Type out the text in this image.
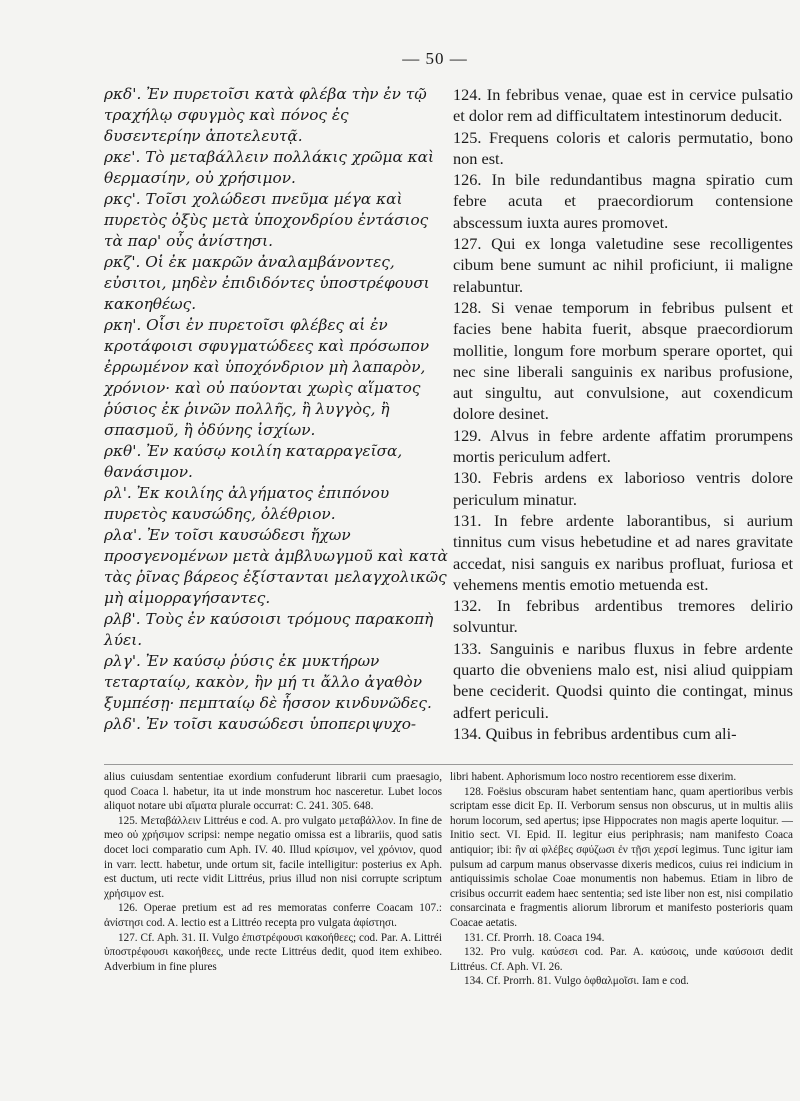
— 50 —
ρκδ'. Ἐν πυρετοῖσι κατὰ φλέβα τὴν ἐν τῷ τραχήλῳ σφυγμὸς καὶ πόνος ἐς δυσεντερίην ἀποτελευτᾷ.
ρκε'. Τὸ μεταβάλλειν πολλάκις χρῶμα καὶ θερμασίην, οὐ χρήσιμον.
ρκς'. Τοῖσι χολώδεσι πνεῦμα μέγα καὶ πυρετὸς ὀξὺς μετὰ ὑποχονδρίου ἐντάσιος τὰ παρ' οὖς ἀνίστησι.
ρκζ'. Οἱ ἐκ μακρῶν ἀναλαμβάνοντες, εὐσιτοι, μηδὲν ἐπιδιδόντες ὑποστρέφουσι κακοηθέως.
ρκη'. Οἷσι ἐν πυρετοῖσι φλέβες αἱ ἐν κροτάφοισι σφυγματώδεες καὶ πρόσωπον ἐρρωμένον καὶ ὑποχόνδριον μὴ λαπαρὸν, χρόνιον· καὶ οὐ παύονται χωρὶς αἵματος ῥύσιος ἐκ ῥινῶν πολλῆς, ἢ λυγγὸς, ἢ σπασμοῦ, ἢ ὀδύνης ἰσχίων.
ρκθ'. Ἐν καύσῳ κοιλίη καταρραγεῖσα, θανάσιμον.
ρλ'. Ἐκ κοιλίης ἀλγήματος ἐπιπόνου πυρετὸς καυσώδης, ὀλέθριον.
ρλα'. Ἐν τοῖσι καυσώδεσι ἤχων προσγενομένων μετὰ ἀμβλυωγμοῦ καὶ κατὰ τὰς ῥῖνας βάρεος ἐξίστανται μελαγχολικῶς μὴ αἱμορραγήσαντες.
ρλβ'. Τοὺς ἐν καύσοισι τρόμους παρακοπὴ λύει.
ρλγ'. Ἐν καύσῳ ῥύσις ἐκ μυκτήρων τεταρταίῳ, κακὸν, ἢν μή τι ἄλλο ἀγαθὸν ξυμπέσῃ· πεμπταίῳ δὲ ἧσσον κινδυνῶδες.
ρλδ'. Ἐν τοῖσι καυσώδεσι ὑποπεριψυχο-
124. In febribus venae, quae est in cervice pulsatio et dolor rem ad difficultatem intestinorum deducit.
125. Frequens coloris et caloris permutatio, bono non est.
126. In bile redundantibus magna spiratio cum febre acuta et praecordiorum contensione abscessum iuxta aures promovet.
127. Qui ex longa valetudine sese recolligentes cibum bene sumunt ac nihil proficiunt, ii maligne relabuntur.
128. Si venae temporum in febribus pulsent et facies bene habita fuerit, absque praecordiorum mollitie, longum fore morbum sperare oportet, qui nec sine liberali sanguinis ex naribus profusione, aut singultu, aut convulsione, aut coxendicum dolore desinet.
129. Alvus in febre ardente affatim prorumpens mortis periculum adfert.
130. Febris ardens ex laborioso ventris dolore periculum minatur.
131. In febre ardente laborantibus, si aurium tinnitus cum visus hebetudine et ad nares gravitate accedat, nisi sanguis ex naribus profluat, furiosa et vehemens mentis emotio metuenda est.
132. In febribus ardentibus tremores delirio solvuntur.
133. Sanguinis e naribus fluxus in febre ardente quarto die obveniens malo est, nisi aliud quippiam bene ceciderit. Quodsi quinto die contingat, minus adfert periculi.
134. Quibus in febribus ardentibus cum ali-
alius cuiusdam sententiae exordium confuderunt librarii cum praesagio, quod Coaca l. habetur, ita ut inde monstrum hoc nasceretur. Lubet locos aliquot notare ubi αἵματα plurale occurrat: C. 241. 305. 648.
125. Μεταβάλλειν Littréus e cod. A. pro vulgato μεταβάλλον. In fine de meo οὐ χρήσιμον scripsi: nempe negatio omissa est a librariis, quod satis docet loci comparatio cum Aph. IV. 40. Illud κρίσιμον, vel χρόνιον, quod in varr. lectt. habetur, unde ortum sit, facile intelligitur: posterius ex Aph. est ductum, uti recte vidit Littréus, prius illud non nisi corrupte scriptum χρήσιμον est.
126. Operae pretium est ad res memoratas conferre Coacam 107.: ἀνίστησι cod. A. lectio est a Littréo recepta pro vulgata ἀφίστησι.
127. Cf. Aph. 31. II. Vulgo ἐπιστρέφουσι κακοήθεες; cod. Par. A. Littréi ὑποστρέφουσι κακοήθεες, unde recte Littréus dedit, quod item exhibeo. Adverbium in fine plures
libri habent. Aphorismum loco nostro recentiorem esse dixerim.
128. Foësius obscuram habet sententiam hanc, quam apertioribus verbis scriptam esse dicit Ep. II. Verborum sensus non obscurus, ut in multis aliis horum locorum, sed apertus; ipse Hippocrates non magis aperte loquitur. — Initio sect. VI. Epid. II. legitur eius periphrasis; nam manifesto Coaca antiquior; ibi: ἢν αἱ φλέβες σφύζωσι ἐν τῇσι χερσί legimus. Tunc igitur iam pulsum ad carpum manus observasse dixeris medicos, cuius rei indicium in antiquissimis scholae Coae monumentis non habemus. Etiam in libro de crisibus occurrit eadem haec sententia; sed iste liber non est, nisi compilatio consarcinata e fragmentis aliorum librorum et manifesto posterioris quam Coacae aetatis.
131. Cf. Prorrh. 18. Coaca 194.
132. Pro vulg. καύσεσι cod. Par. A. καύσοις, unde καύσοισι dedit Littréus. Cf. Aph. VI. 26.
134. Cf. Prorrh. 81. Vulgo ὀφθαλμοῖσι. Iam e cod.
